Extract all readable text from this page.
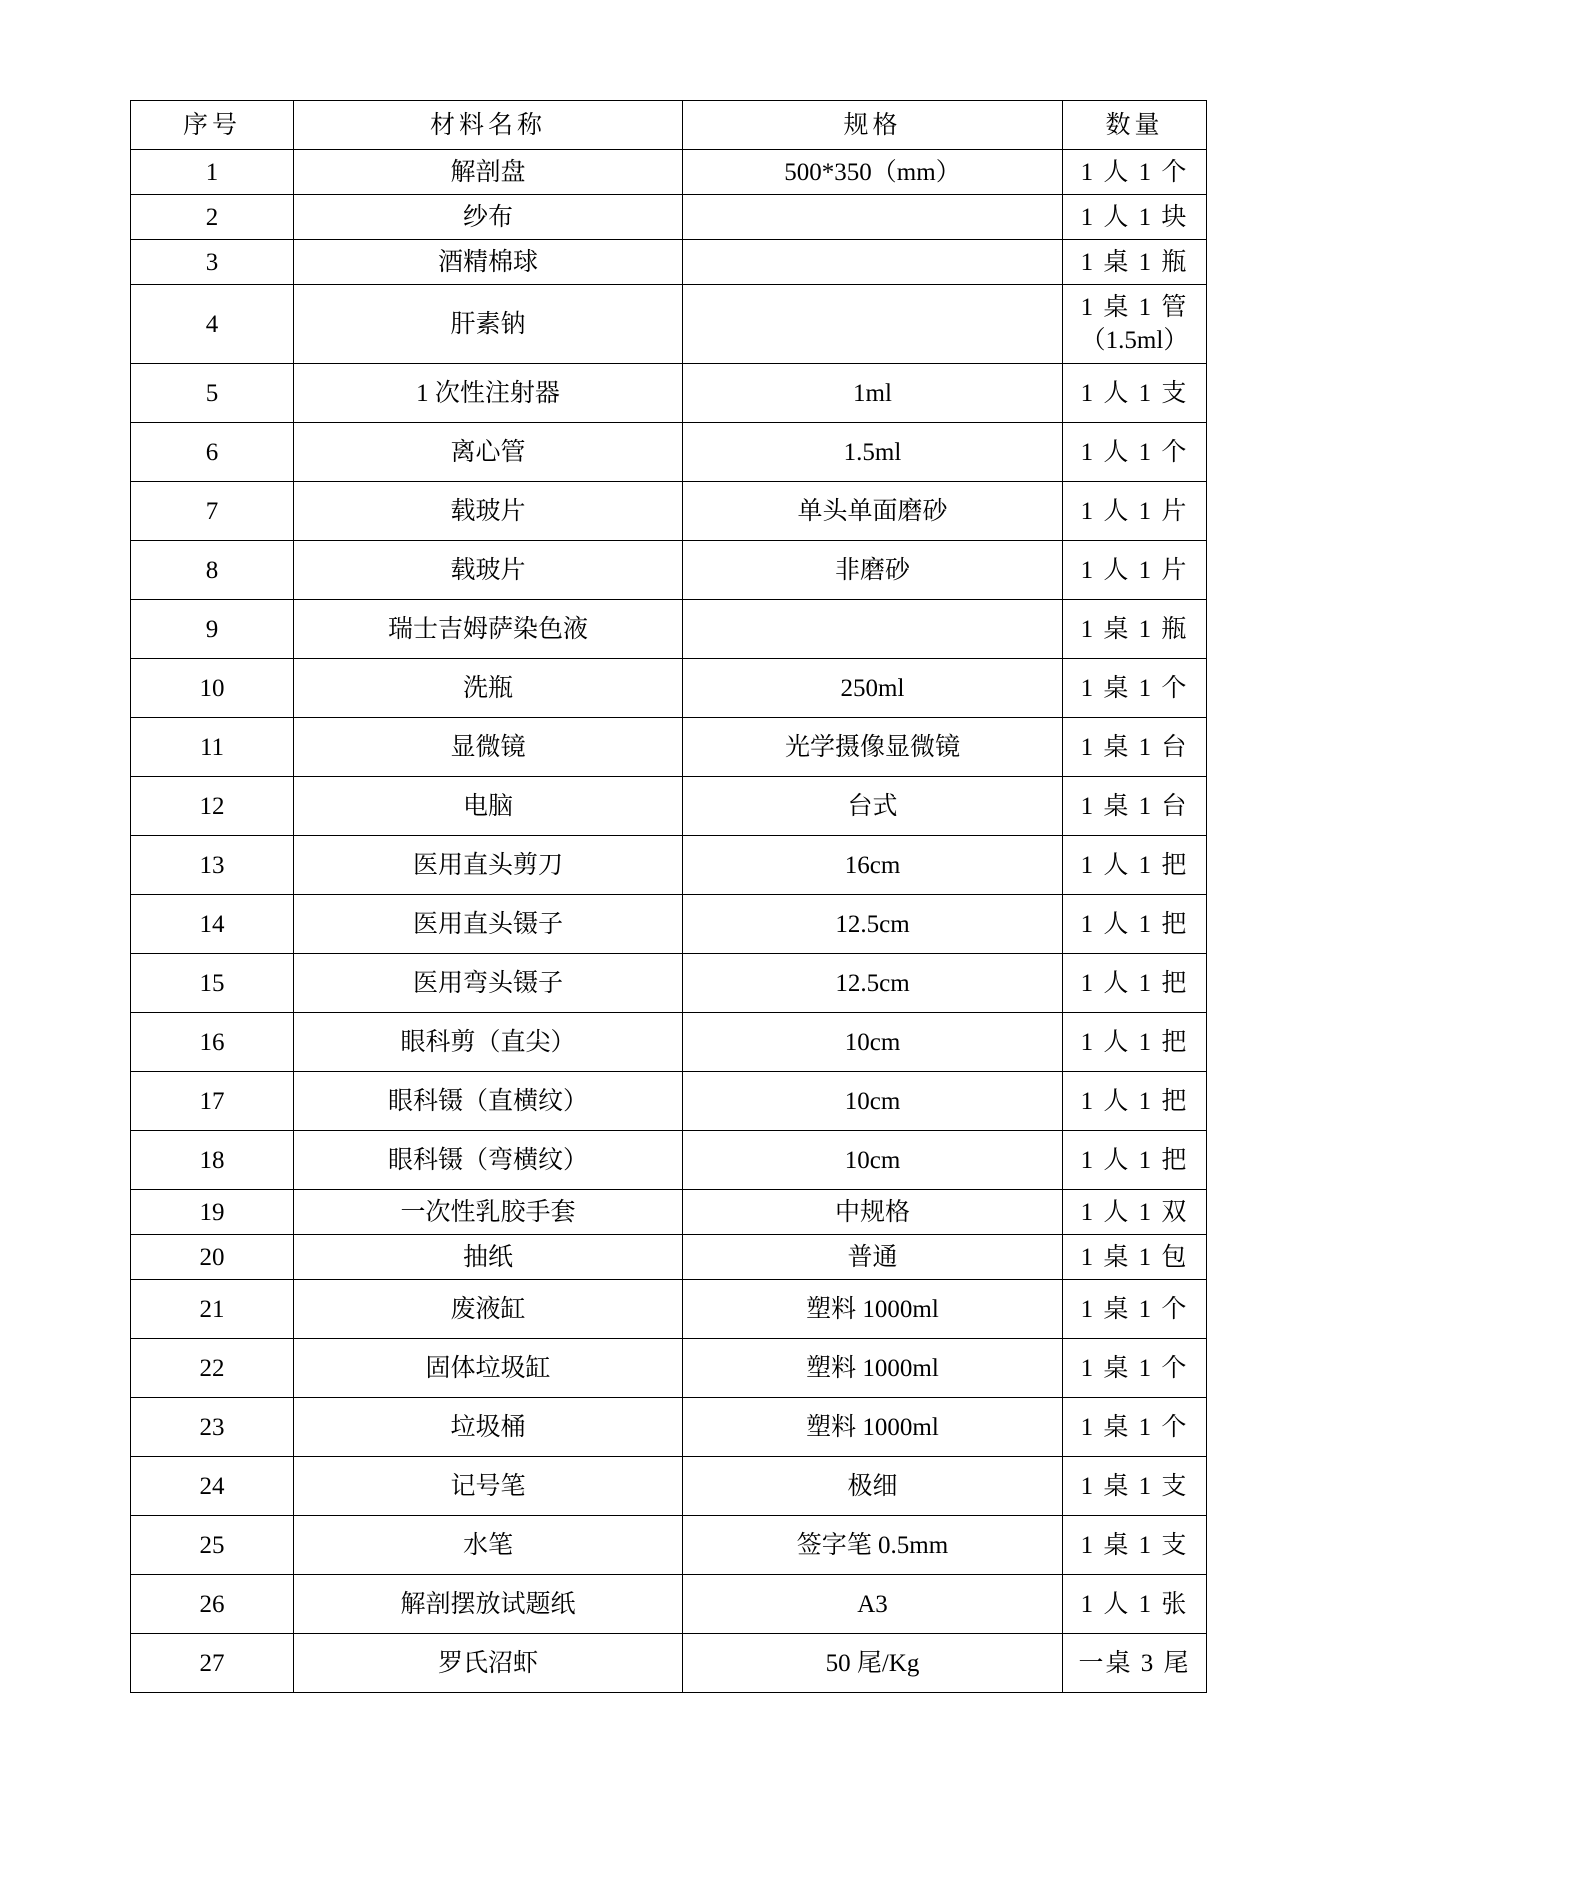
序号	材料名称	规格	数量
1	解剖盘	500*350（mm）	1 人 1 个
2	纱布		1 人 1 块
3	酒精棉球		1 桌 1 瓶
4	肝素钠		1 桌 1 管
（1.5ml）

5	1 次性注射器	1ml	1 人 1 支
6	离心管	1.5ml	1 人 1 个
7	载玻片	单头单面磨砂	1 人 1 片
8	载玻片	非磨砂	1 人 1 片
9	瑞士吉姆萨染色液		1 桌 1 瓶
10	洗瓶	250ml	1 桌 1 个
11	显微镜	光学摄像显微镜	1 桌 1 台
12	电脑	台式	1 桌 1 台
13	医用直头剪刀	16cm	1 人 1 把
14	医用直头镊子	12.5cm	1 人 1 把
15	医用弯头镊子	12.5cm	1 人 1 把
16	眼科剪（直尖）	10cm	1 人 1 把
17	眼科镊（直横纹）	10cm	1 人 1 把
18	眼科镊（弯横纹）	10cm	1 人 1 把
19	一次性乳胶手套	中规格	1 人 1 双
20	抽纸	普通	1 桌 1 包
21	废液缸	塑料 1000ml	1 桌 1 个
22	固体垃圾缸	塑料 1000ml	1 桌 1 个
23	垃圾桶	塑料 1000ml	1 桌 1 个
24	记号笔	极细	1 桌 1 支
25	水笔	签字笔 0.5mm	1 桌 1 支
26	解剖摆放试题纸	A3	1 人 1 张
27	罗氏沼虾	50 尾/Kg	一桌 3 尾
